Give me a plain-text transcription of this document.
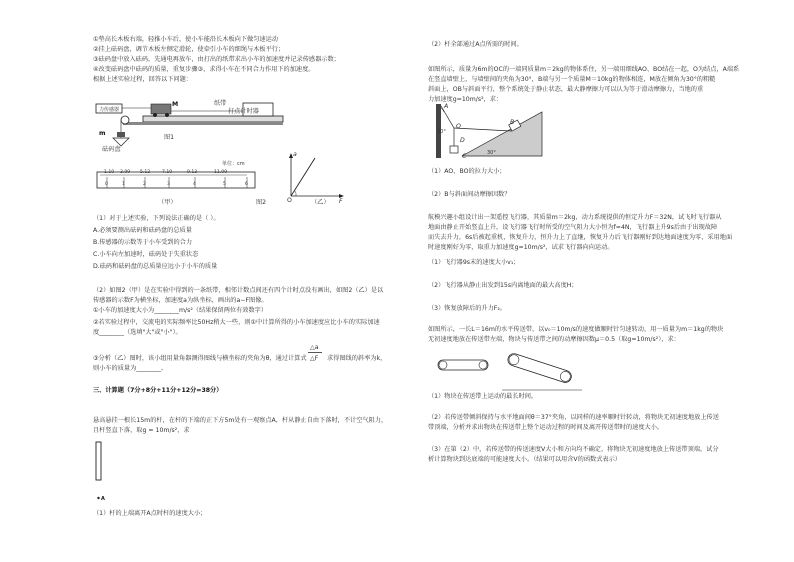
①垫高长木板右端，轻推小车后，使小车能沿长木板向下做匀速运动
②挂上砝码盘，调节木板左侧定滑轮，使牵引小车的细绳与木板平行；
③砝码盘中放入砝码，先通电再放车，由打出的纸带求出小车的加速度并记录传感器示数；
④改变砝码盘中砝码的质量，重复步骤③，求得小车在不同合力作用下的加速度。
根据上述实验过程，回答以下问题：
力传感器
M	纸带
打点计时器
m
砝码盘
图1
单位：cm
1.10 3.09 5.12	7.10	9.13	11.09
0	1	2	3	4	5	6
（甲）	图2
a
F
O	（乙）
（1）对于上述实验，下列说法正确的是（ ）。
A.必须要测出砝码和砝码盘的总质量
B.传感器的示数等于小车受到的合力
C.小车向左加速时，砝码处于失重状态
D.砝码和砝码盘的总质量应远小于小车的质量
（2）如图2（甲）是在实验中得到的一条纸带，相邻计数点间还有四个计时点没有画出，如图2（乙）是以
传感器的示数F为横坐标，加速度a为纵坐标，画出的a−F图像。
①小车的加速度大小为________m/s²（结果保留两位有效数字）
②若实验过程中，交流电的实际频率比50Hz稍大一些，则①中计算所得的小车加速度应比小车的实际加速
度________（选填"大"或"小"）。
③分析（乙）图时，该小组用量角器测得图线与横坐标的夹角为θ，通过计算式
△a
△F 求得图线的斜率为k，
则小车的质量为________。
三、计算题（7分+8分+11分+12分=38分）
悬高悬挂一根长15m的杆，在杆的下端的正下方5m处有一观察点A，杆从静止自由下落时，不计空气阻力，
且杆竖直下落，取g = 10m/s²，求
A
（1）杆的上端离开A点时杆的速度大小；
（2）杆全部通过A点所需的时间。
如图所示，质量为6m的OC的一端同质量m＝2kg的物体系住，另一端用细线AO、BO结在一起，O为结点，A端系
在竖直墙壁上，与墙壁间的夹角为30°，B端与另一个质量M＝10kg的物体相连，M放在倾角为30°的粗糙
斜面上，OB与斜面平行，整个系统处于静止状态，最大静摩擦力可以认为等于滑动摩擦力，当地的重
力加速度g=10m/s²，求：
A
O
B
D
C
30°
30°
（1）AO、BO的拉力大小；
（2）B与斜面间动摩擦因数？
航模兴趣小组设计出一架遥控飞行器，其质量m＝2kg，动力系统提供的恒定升力F＝32N，试飞时飞行器从
地面由静止开始竖直上升，设飞行器飞行时所受的空气阻力大小恒为f=4N，飞行器上升9s后由于出现故障
而失去升力，6s后被起重机，恢复升力，恒升力上了直继，恢复升力后飞行器刚好到达地面速度为零，采用地面
时速度刚好为零，取重力加速度g=10m/s²，试求飞行器向向运动。
（1）飞行器9s末的速度大小v₁；
（2）飞行器从静止出发到15s内离地面的最大高度H；
（3）恢复放障后的升力F₂。
如图所示，一长L＝16m的水平传送带，以v₀＝10m/s的速度做顺时针匀速转动，用一质量为m＝1kg的物块
无初速度地放在传送带左端，物块与传送带之间的动摩擦因数μ＝0.5（取g=10m/s²），求：
（1）物块在传送带上运动的最长时间。
（2）若传送带倾斜保持与水平地面间θ＝37°夹角，以同样的速率顺时针转动，将物块无初速度地放上传送
带顶端，分析并求出物块在传送带上整个运动过程的时间及离开传送带时的速度大小。
（3）在第（2）中，若传送带的传送速度V大小和方向均不确定，将物块无初速度地放上传送带顶端，试分
析计算物块到达底端的可能速度大小。（结果可以用含V的函数式表示）
